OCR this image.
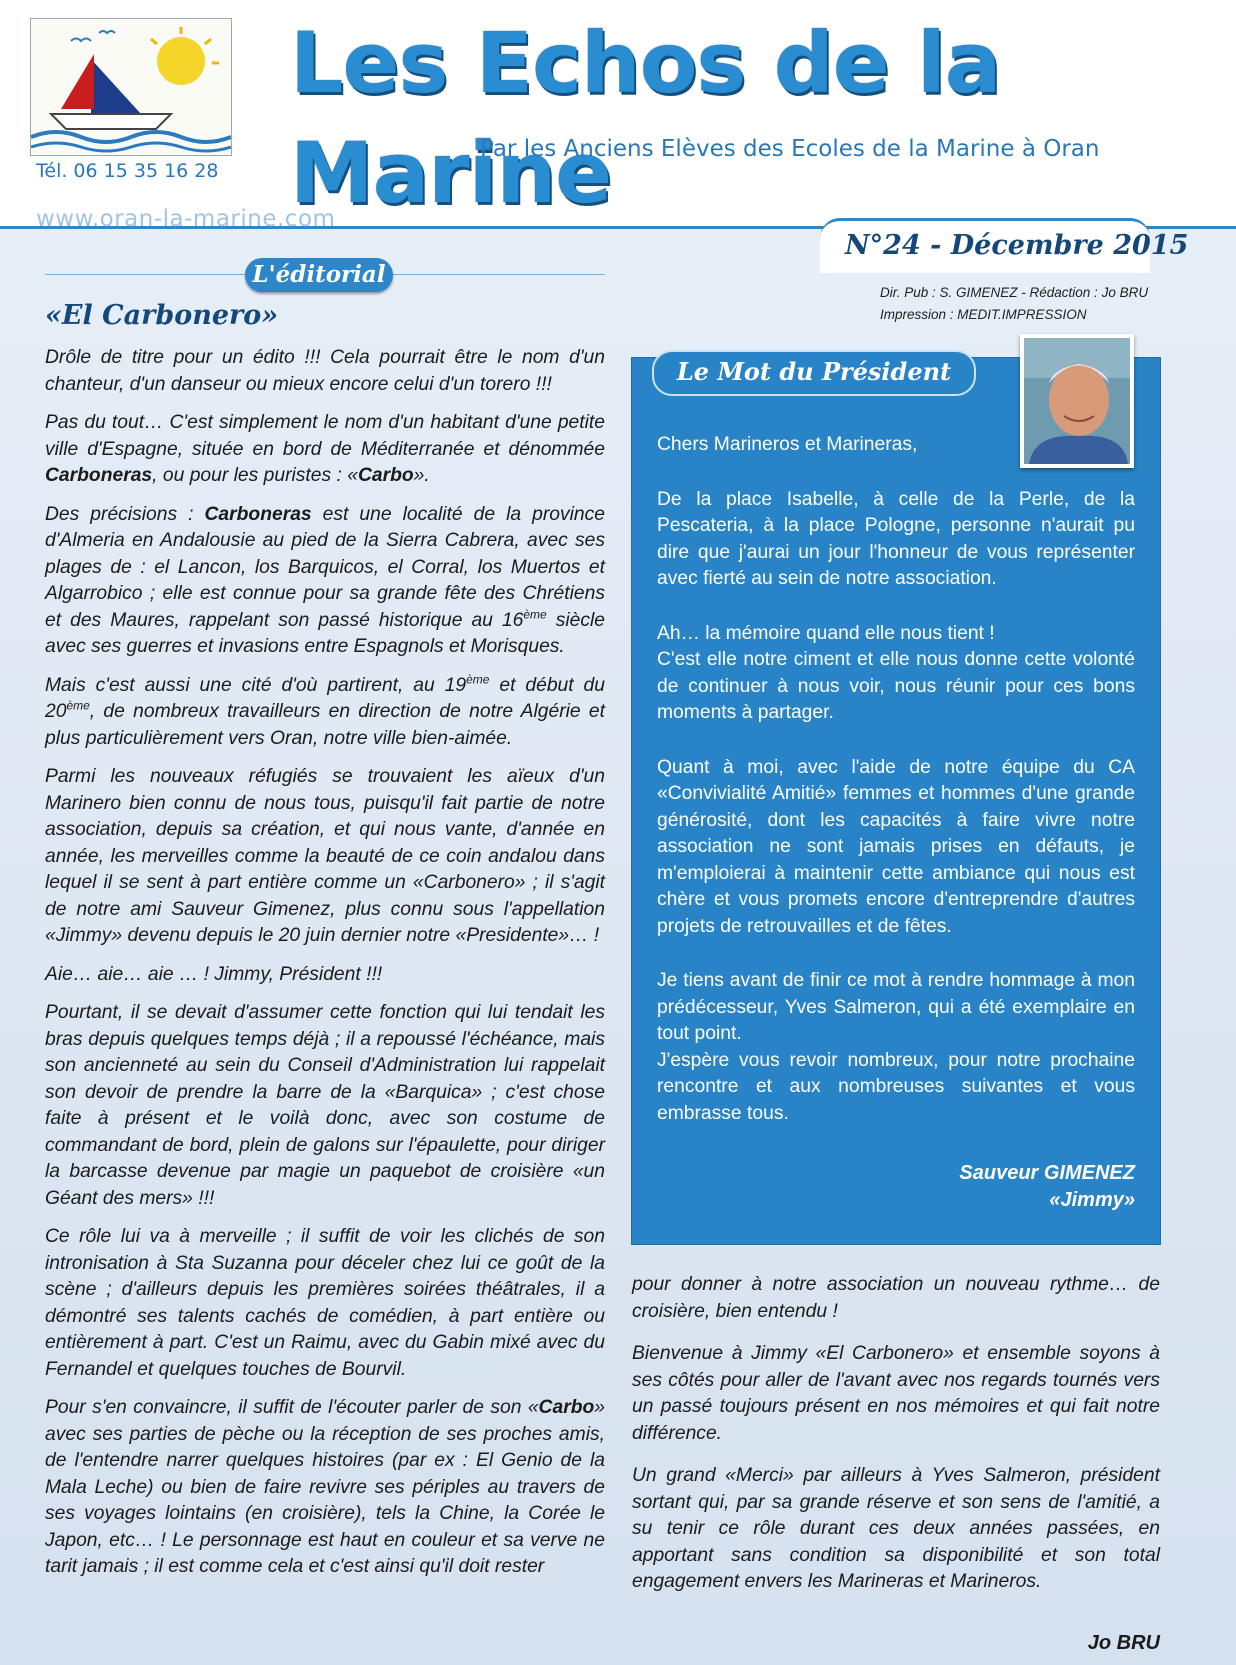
Tél. 06 15 35 16 28
www.oran-la-marine.com
Les Echos de la Marine
Par les Anciens Elèves des Ecoles de la Marine à Oran
N°24 - Décembre 2015
Dir. Pub : S. GIMENEZ - Rédaction : Jo BRU
Impression : MEDIT.IMPRESSION
L'éditorial
«El Carbonero»

Drôle de titre pour un édito !!! Cela pourrait être le nom d'un chanteur, d'un danseur ou mieux encore celui d'un torero !!!

Pas du tout… C'est simplement le nom d'un habitant d'une petite ville d'Espagne, située en bord de Méditerranée et dénommée Carboneras, ou pour les puristes : «Carbo».

Des précisions : Carboneras est une localité de la province d'Almeria en Andalousie au pied de la Sierra Cabrera, avec ses plages de : el Lancon, los Barquicos, el Corral, los Muertos et Algarrobico ; elle est connue pour sa grande fête des Chrétiens et des Maures, rappelant son passé historique au 16ème siècle avec ses guerres et invasions entre Espagnols et Morisques.

Mais c'est aussi une cité d'où partirent, au 19ème et début du 20ème, de nombreux travailleurs en direction de notre Algérie et plus particulièrement vers Oran, notre ville bien-aimée.

Parmi les nouveaux réfugiés se trouvaient les aïeux d'un Marinero bien connu de nous tous, puisqu'il fait partie de notre association, depuis sa création, et qui nous vante, d'année en année, les merveilles comme la beauté de ce coin andalou dans lequel il se sent à part entière comme un «Carbonero» ; il s'agit de notre ami Sauveur Gimenez, plus connu sous l'appellation «Jimmy» devenu depuis le 20 juin dernier notre «Presidente»… !

Aie… aie… aie … ! Jimmy, Président !!!

Pourtant, il se devait d'assumer cette fonction qui lui tendait les bras depuis quelques temps déjà ; il a repoussé l'échéance, mais son ancienneté au sein du Conseil d'Administration lui rappelait son devoir de prendre la barre de la «Barquica» ; c'est chose faite à présent et le voilà donc, avec son costume de commandant de bord, plein de galons sur l'épaulette, pour diriger la barcasse devenue par magie un paquebot de croisière «un Géant des mers» !!!

Ce rôle lui va à merveille ; il suffit de voir les clichés de son intronisation à Sta Suzanna pour déceler chez lui ce goût de la scène ; d'ailleurs depuis les premières soirées théâtrales, il a démontré ses talents cachés de comédien, à part entière ou entièrement à part. C'est un Raimu, avec du Gabin mixé avec du Fernandel et quelques touches de Bourvil.

Pour s'en convaincre, il suffit de l'écouter parler de son «Carbo» avec ses parties de pèche ou la réception de ses proches amis, de l'entendre narrer quelques histoires (par ex : El Genio de la Mala Leche) ou bien de faire revivre ses périples au travers de ses voyages lointains (en croisière), tels la Chine, la Corée le Japon, etc… ! Le personnage est haut en couleur et sa verve ne tarit jamais ; il est comme cela et c'est ainsi qu'il doit rester

Le Mot du Président

Chers Marineros et Marineras,

De la place Isabelle, à celle de la Perle, de la Pescateria, à la place Pologne, personne n'aurait pu dire que j'aurai un jour l'honneur de vous représenter avec fierté au sein de notre association.

Ah… la mémoire quand elle nous tient !

C'est elle notre ciment et elle nous donne cette volonté de continuer à nous voir, nous réunir pour ces bons moments à partager.

Quant à moi, avec l'aide de notre équipe du CA «Convivialité Amitié» femmes et hommes d'une grande générosité, dont les capacités à faire vivre notre association ne sont jamais prises en défauts, je m'emploierai à maintenir cette ambiance qui nous est chère et vous promets encore d'entreprendre d'autres projets de retrouvailles et de fêtes.

Je tiens avant de finir ce mot à rendre hommage à mon prédécesseur, Yves Salmeron, qui a été exemplaire en tout point.

J'espère vous revoir nombreux, pour notre prochaine rencontre et aux nombreuses suivantes et vous embrasse tous.

Sauveur GIMENEZ
«Jimmy»

pour donner à notre association un nouveau rythme… de croisière, bien entendu !

Bienvenue à Jimmy «El Carbonero» et ensemble soyons à ses côtés pour aller de l'avant avec nos regards tournés vers un passé toujours présent en nos mémoires et qui fait notre différence.

Un grand «Merci» par ailleurs à Yves Salmeron, président sortant qui, par sa grande réserve et son sens de l'amitié, a su tenir ce rôle durant ces deux années passées, en apportant sans condition sa disponibilité et son total engagement envers les Marineras et Marineros.

Jo BRU
